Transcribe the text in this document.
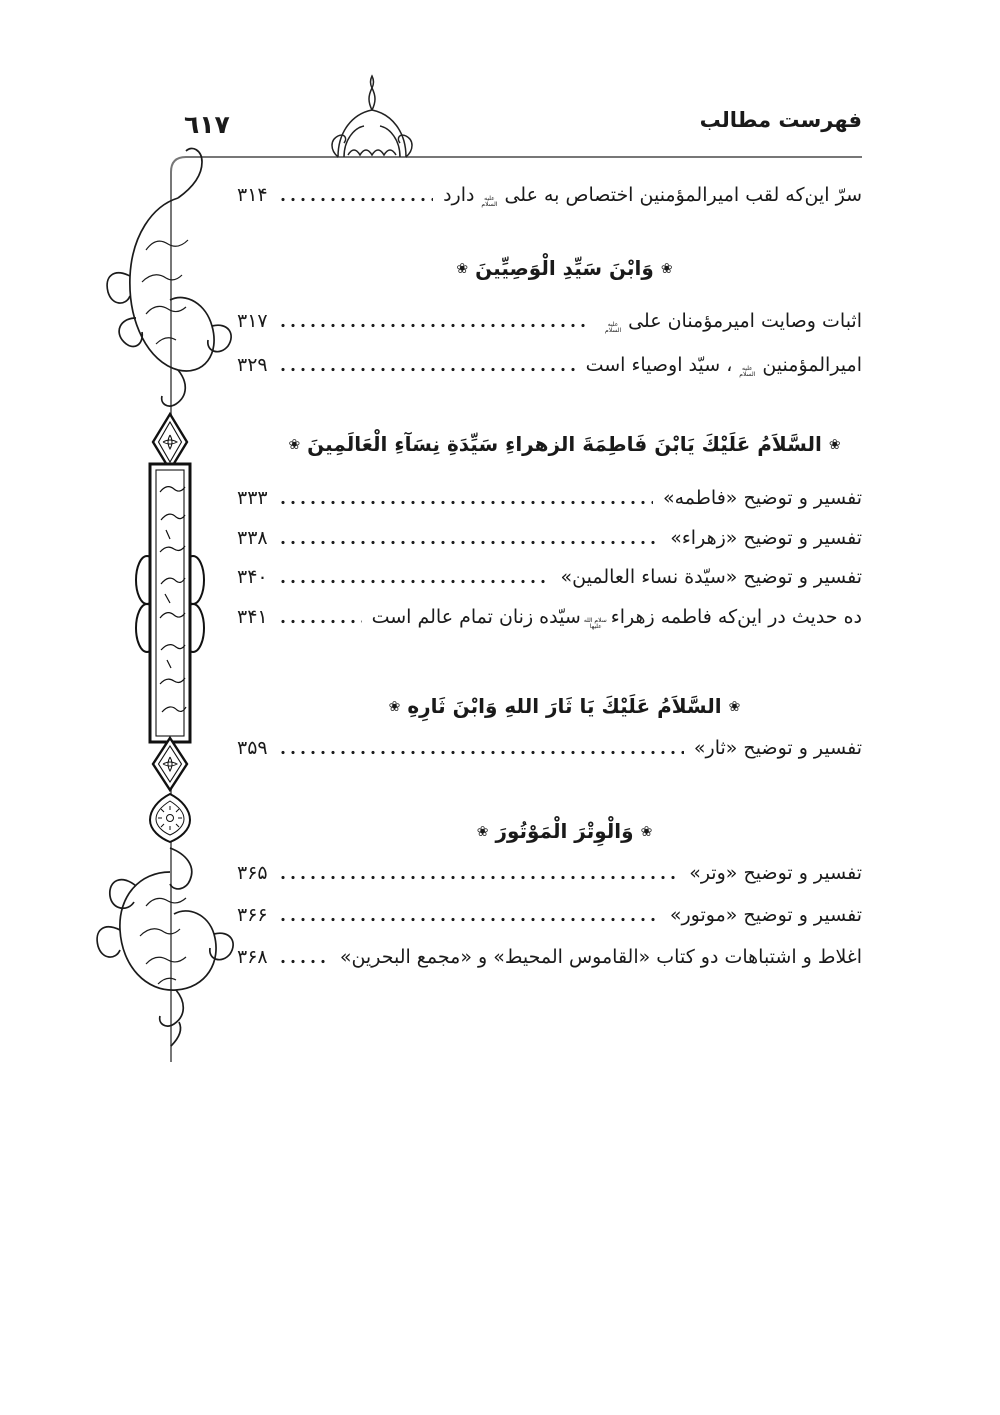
٦١٧	فهرست مطالب
سرّ این‌که لقب امیرالمؤمنین اختصاص به علی
عليه
السلام
دارد
۳۱۴
❀وَابْنَ سَیِّدِ الْوَصِیِّینَ❀
اثبات وصایت امیرمؤمنان علی
عليه
السلام
۳۱۷
امیرالمؤمنین
عليه
السلام
، سیّد اوصیاء است
۳۲۹
❀السَّلاَمُ عَلَیْكَ یَابْنَ فَاطِمَةَ الزهراءِ سَیِّدَةِ نِسَآءِ الْعَالَمِینَ❀
تفسیر و توضیح «فاطمه»
۳۳۳
تفسیر و توضیح «زهراء»
۳۳۸
تفسیر و توضیح «سیّدة نساء العالمین»
۳۴۰
ده حدیث در این‌که فاطمه زهراء
سلام الله
عليها
سیّده زنان تمام عالم است
۳۴۱
❀السَّلاَمُ عَلَیْكَ یَا ثَارَ اللهِ وَابْنَ ثَارِهِ❀
تفسیر و توضیح «ثار»
۳۵۹
❀وَالْوِتْرَ الْمَوْتُورَ❀
تفسیر و توضیح «وتر»
۳۶۵
تفسیر و توضیح «موتور»
۳۶۶
اغلاط و اشتباهات دو کتاب «القاموس المحیط» و «مجمع البحرین»
۳۶۸
